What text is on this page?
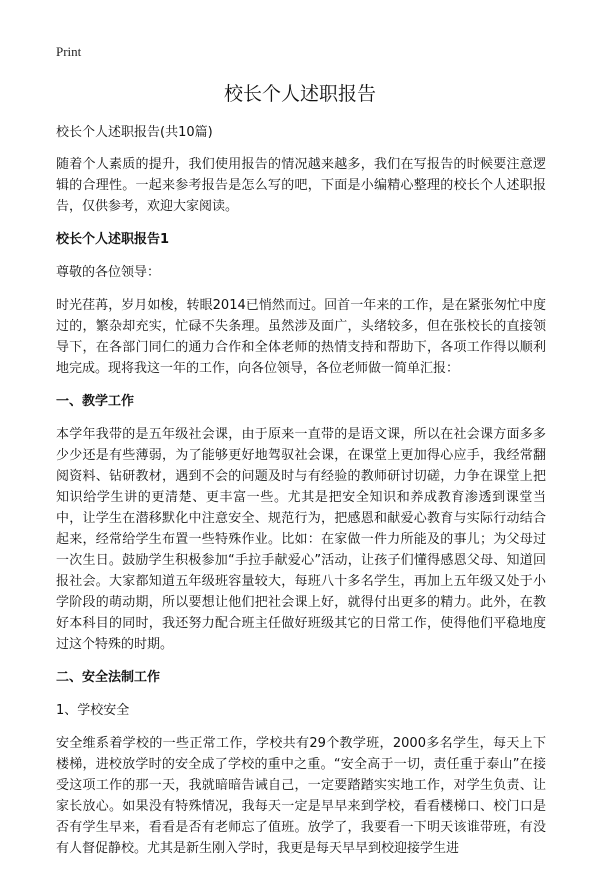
Print
校长个人述职报告

校长个人述职报告(共10篇)

随着个人素质的提升，我们使用报告的情况越来越多，我们在写报告的时候要注意逻辑的合理性。一起来参考报告是怎么写的吧，下面是小编精心整理的校长个人述职报告，仅供参考，欢迎大家阅读。

校长个人述职报告1

尊敬的各位领导：

时光荏苒，岁月如梭，转眼2014已悄然而过。回首一年来的工作，是在紧张匆忙中度过的，繁杂却充实，忙碌不失条理。虽然涉及面广，头绪较多，但在张校长的直接领导下，在各部门同仁的通力合作和全体老师的热情支持和帮助下，各项工作得以顺利地完成。现将我这一年的工作，向各位领导，各位老师做一简单汇报：

一、教学工作

本学年我带的是五年级社会课，由于原来一直带的是语文课，所以在社会课方面多多少少还是有些薄弱，为了能够更好地驾驭社会课，在课堂上更加得心应手，我经常翻阅资料、钻研教材，遇到不会的问题及时与有经验的教师研讨切磋，力争在课堂上把知识给学生讲的更清楚、更丰富一些。尤其是把安全知识和养成教育渗透到课堂当中，让学生在潜移默化中注意安全、规范行为，把感恩和献爱心教育与实际行动结合起来，经常给学生布置一些特殊作业。比如：在家做一件力所能及的事儿；为父母过一次生日。鼓励学生积极参加“手拉手献爱心”活动，让孩子们懂得感恩父母、知道回报社会。大家都知道五年级班容量较大，每班八十多名学生，再加上五年级又处于小学阶段的萌动期，所以要想让他们把社会课上好，就得付出更多的精力。此外，在教好本科目的同时，我还努力配合班主任做好班级其它的日常工作，使得他们平稳地度过这个特殊的时期。

二、安全法制工作

1、学校安全

安全维系着学校的一些正常工作，学校共有29个教学班，2000多名学生，每天上下楼梯，进校放学时的安全成了学校的重中之重。“安全高于一切，责任重于泰山”在接受这项工作的那一天，我就暗暗告诫自己，一定要踏踏实实地工作，对学生负责、让家长放心。如果没有特殊情况，我每天一定是早早来到学校，看看楼梯口、校门口是否有学生早来，看看是否有老师忘了值班。放学了，我要看一下明天该谁带班，有没有人督促静校。尤其是新生刚入学时，我更是每天早早到校迎接学生进
